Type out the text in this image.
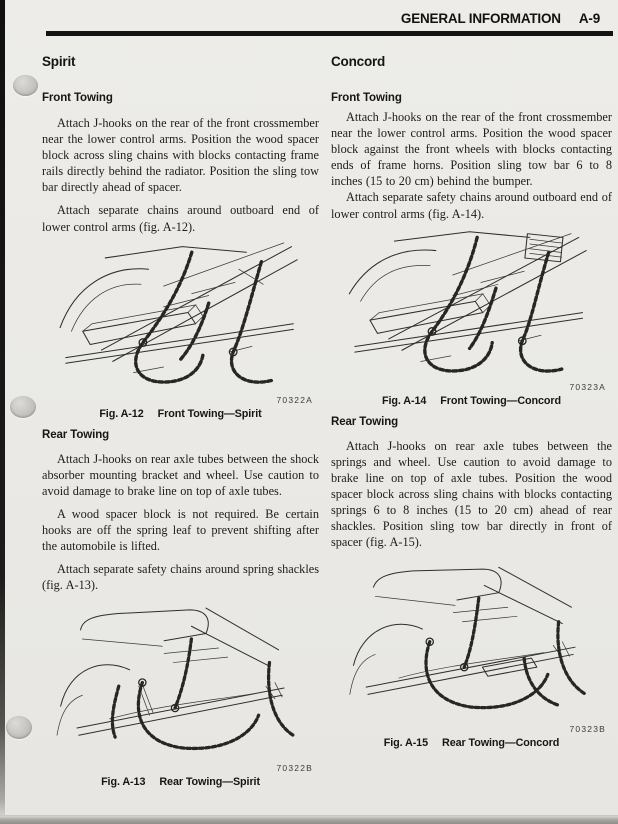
GENERAL INFORMATION A-9
Spirit
Front Towing

Attach J-hooks on the rear of the front crossmember near the lower control arms. Position the wood spacer block across sling chains with blocks contacting frame rails directly behind the radiator. Position the sling tow bar directly ahead of spacer.

Attach separate chains around outboard end of lower control arms (fig. A-12).

70322A
Fig. A-12 Front Towing—Spirit
Rear Towing

Attach J-hooks on rear axle tubes between the shock absorber mounting bracket and wheel. Use caution to avoid damage to brake line on top of axle tubes.

A wood spacer block is not required. Be certain hooks are off the spring leaf to prevent shifting after the automobile is lifted.

Attach separate safety chains around spring shackles (fig. A-13).

70322B
Fig. A-13 Rear Towing—Spirit
Concord
Front Towing

Attach J-hooks on the rear of the front crossmember near the lower control arms. Position the wood spacer block against the front wheels with blocks contacting ends of frame horns. Position sling tow bar 6 to 8 inches (15 to 20 cm) behind the bumper.

Attach separate safety chains around outboard end of lower control arms (fig. A-14).

70323A
Fig. A-14 Front Towing—Concord
Rear Towing

Attach J-hooks on rear axle tubes between the springs and wheel. Use caution to avoid damage to brake line on top of axle tubes. Position the wood spacer block across sling chains with blocks contacting springs 6 to 8 inches (15 to 20 cm) ahead of rear shackles. Position sling tow bar directly in front of spacer (fig. A-15).

70323B
Fig. A-15 Rear Towing—Concord
